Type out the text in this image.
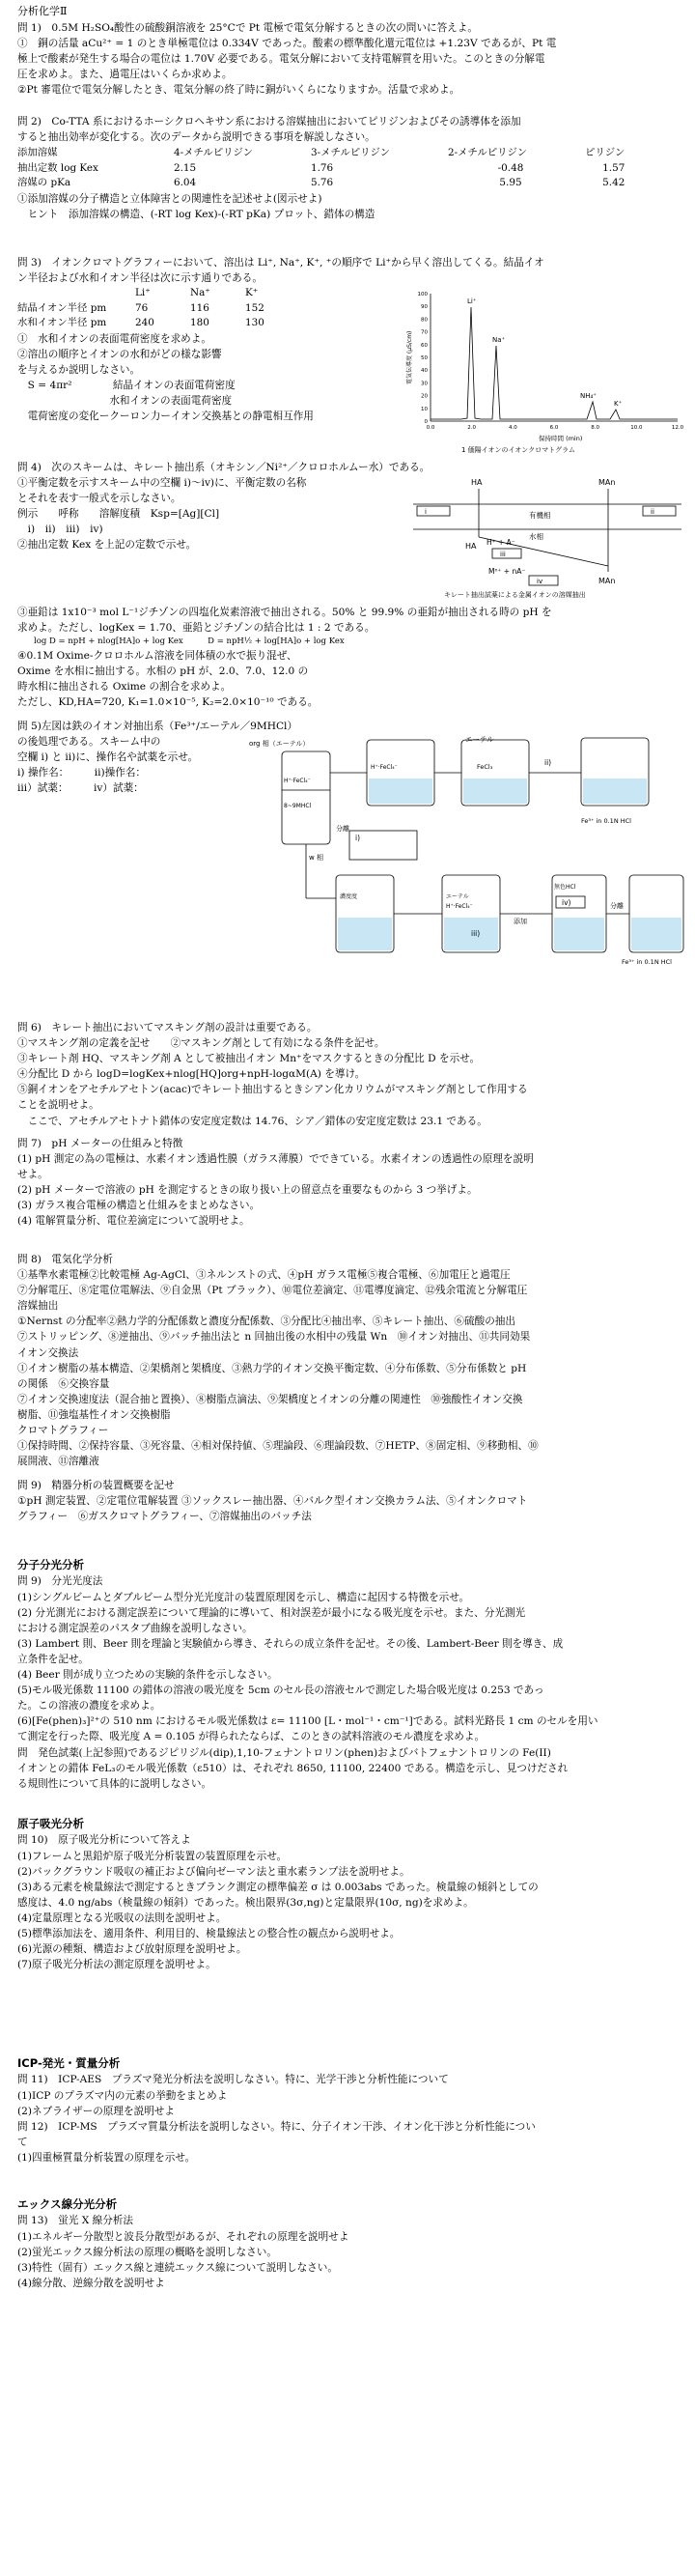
分析化学Ⅱ

問 1)　0.5M H₂SO₄酸性の硫酸銅溶液を 25°Cで Pt 電極で電気分解するときの次の問いに答えよ。

①　銅の活量 aCu²⁺ = 1 のとき単極電位は 0.334V であった。酸素の標準酸化還元電位は +1.23V であるが、Pt 電

極上で酸素が発生する場合の電位は 1.70V 必要である。電気分解において支持電解質を用いた。このときの分解電

圧を求めよ。また、過電圧はいくらか求めよ。

②Pt 審電位で電気分解したとき、電気分解の終了時に銅がいくらになりますか。活量で求めよ。

問 2)　Co-TTA 系におけるホーシクロヘキサン系における溶媒抽出においてピリジンおよびその誘導体を添加

すると抽出効率が変化する。次のデータから説明できる事項を解説しなさい。

添加溶媒	4-メチルピリジン	3-メチルピリジン	2-メチルピリジン	ピリジン
抽出定数 log Kex	2.15	1.76	-0.48	1.57
溶媒の pKa	6.04	5.76	5.95	5.42

①添加溶媒の分子構造と立体障害との関連性を記述せよ(図示せよ)

　ヒント　添加溶媒の構造、(-RT log Kex)-(-RT pKa) プロット、錯体の構造

問 3)　イオンクロマトグラフィーにおいて、溶出は Li⁺, Na⁺, K⁺, ⁺の順序で Li⁺から早く溶出してくる。結晶イオ

ン半径および水和イオン半径は次に示す通りである。

	Li⁺	Na⁺	K⁺
結晶イオン半径 pm	76	116	152
水和イオン半径 pm	240	180	130

①　水和イオンの表面電荷密度を求めよ。

②溶出の順序とイオンの水和がどの様な影響

を与えるか説明しなさい。

　S = 4πr²　　　　結晶イオンの表面電荷密度

　　　　　　　　　水和イオンの表面電荷密度

　電荷密度の変化ークーロン力ーイオン交換基との静電相互作用	0
10
20
30
40
50
60
70
80
90
100
0.0	2.0	4.0	6.0	8.0	10.0	12.0
Li⁺
Na⁺
NH₄⁺
K⁺
電気伝導度 (µS/cm)
保持時間 (min)
1 価陽イオンのイオンクロマトグラム

問 4)　次のスキームは、キレート抽出系（オキシン／Ni²⁺／クロロホルムー水）である。

①平衡定数を示すスキーム中の空欄 i)〜iv)に、平衡定数の名称

とそれを表す一般式を示しなさい。

例示　　呼称　　溶解度積　Ksp=[Ag][Cl]

　i)　ii)　iii)　iv)

②抽出定数 Kex を上記の定数で示せ。

HA	MAn
有機相
水相
HA H⁺ + A⁻
Mⁿ⁺ + nA⁻
MAn
i	ii
iii
iv
キレート抽出試薬による金属イオンの溶媒抽出

③亜鉛は 1x10⁻³ mol L⁻¹ジチゾンの四塩化炭素溶液で抽出される。50% と 99.9% の亜鉛が抽出される時の pH を

求めよ。ただし、logKex = 1.70、亜鉛とジチゾンの結合比は 1 : 2 である。

　　log D = npH + nlog[HA]o + log Kex　　　D = npH½ + log[HA]o + log Kex

④0.1M Oxime-クロロホルム溶液を同体積の水で振り混ぜ、

Oxime を水相に抽出する。水相の pH が、2.0、7.0、12.0 の

時水相に抽出される Oxime の割合を求めよ。

ただし、KD,HA=720, K₁=1.0×10⁻⁵, K₂=2.0×10⁻¹⁰ である。

問 5)左図は鉄のイオン対抽出系（Fe³⁺/エーテル／9MHCl）

の後処理である。スキーム中の

空欄 i) と ii)に、操作名や試薬を示せ。

i) 操作名：　　　ii)操作名：

iii）試薬：　　　iv）試薬：

エーテル
i)
ii)
iii)
iv)
org 相（エーテル）
w 相
分離
添加
Fe³⁺ in 0.1N HCl
H⁺·FeCl₄⁻
H⁺·FeCl₄⁻	FeCl₃
8~9MHCl
エーテル
濃度度
H⁺·FeCl₄⁻
Fe³⁺ in 0.1N HCl
無色HCl
分離

問 6)　キレート抽出においてマスキング剤の設計は重要である。

①マスキング剤の定義を記せ　　②マスキング剤として有効になる条件を記せ。

③キレート剤 HQ、マスキング剤 A として被抽出イオン Mn⁺をマスクするときの分配比 D を示せ。

④分配比 D から logD=logKex+nlog[HQ]org+npH-logαM(A) を導け。

⑤銅イオンをアセチルアセトン(acac)でキレート抽出するときシアン化カリウムがマスキング剤として作用する

ことを説明せよ。

　ここで、アセチルアセトナト錯体の安定度定数は 14.76、シア／錯体の安定度定数は 23.1 である。

問 7)　pH メーターの仕組みと特徴

(1) pH 測定の為の電極は、水素イオン透過性膜（ガラス薄膜）でできている。水素イオンの透過性の原理を説明

せよ。

(2) pH メーターで溶液の pH を測定するときの取り扱い上の留意点を重要なものから 3 つ挙げよ。

(3) ガラス複合電極の構造と仕組みをまとめなさい。

(4) 電解質量分析、電位差滴定について説明せよ。

問 8)　電気化学分析

①基準水素電極②比較電極 Ag-AgCl、③ネルンストの式、④pH ガラス電極⑤複合電極、⑥加電圧と過電圧

⑦分解電圧、⑧定電位電解法、⑨自金黒（Pt ブラック）、⑩電位差滴定、⑪電導度滴定、⑫残余電流と分解電圧

溶媒抽出

①Nernst の分配率②熱力学的分配係数と濃度分配係数、③分配比④抽出率、⑤キレート抽出、⑥硫酸の抽出

⑦ストリッピング、⑧逆抽出、⑨バッチ抽出法と n 回抽出後の水相中の残量 Wn　⑩イオン対抽出、⑪共同効果

イオン交換法

①イオン樹脂の基本構造、②架橋剤と架橋度、③熱力学的イオン交換平衡定数、④分布係数、⑤分布係数と pH

の関係　⑥交換容量

⑦イオン交換速度法（混合抽と置換）、⑧樹脂点滴法、⑨架橋度とイオンの分離の関連性　⑩強酸性イオン交換

樹脂、⑪強塩基性イオン交換樹脂

クロマトグラフィー

①保持時間、②保持容量、③死容量、④相対保持値、⑤理論段、⑥理論段数、⑦HETP、⑧固定相、⑨移動相、⑩

展開液、⑪溶離液

問 9)　精器分析の装置概要を記せ

①pH 測定装置、②定電位電解装置 ③ソックスレー抽出器、④バルク型イオン交換カラム法、⑤イオンクロマト

グラフィー　⑥ガスクロマトグラフィー、⑦溶媒抽出のバッチ法

分子分光分析

問 9)　分光光度法

(1)シングルビームとダブルビーム型分光光度計の装置原理図を示し、構造に起因する特徴を示せ。

(2) 分光測光における測定誤差について理論的に導いて、相対誤差が最小になる吸光度を示せ。また、分光測光

における測定誤差のパスタブ曲線を説明しなさい。

(3) Lambert 則、Beer 則を理論と実験値から導き、それらの成立条件を記せ。その後、Lambert-Beer 則を導き、成

立条件を記せ。

(4) Beer 則が成り立つための実験的条件を示しなさい。

(5)モル吸光係数 11100 の錯体の溶液の吸光度を 5cm のセル長の溶液セルで測定した場合吸光度は 0.253 であっ

た。この溶液の濃度を求めよ。

(6)[Fe(phen)₃]²⁺の 510 nm におけるモル吸光係数は ε= 11100 [L・mol⁻¹・cm⁻¹]である。試料光路長 1 cm のセルを用い

て測定を行った際、吸光度 A = 0.105 が得られたならば、このときの試料溶液のモル濃度を求めよ。

問　発色試薬(上記参照)であるジピリジル(dip),1,10-フェナントロリン(phen)およびバトフェナントロリンの Fe(II)

イオンとの錯体 FeL₃のモル吸光係数（ε510）は、それぞれ 8650, 11100, 22400 である。構造を示し、見つけだされ

る規則性について具体的に説明しなさい。

原子吸光分析

問 10)　原子吸光分析について答えよ

(1)フレームと黒鉛炉原子吸光分析装置の装置原理を示せ。

(2)バックグラウンド吸収の補正および偏向ゼーマン法と重水素ランプ法を説明せよ。

(3)ある元素を検量線法で測定するときブランク測定の標準偏差 σ は 0.003abs であった。検量線の傾斜としての

感度は、4.0 ng/abs（検量線の傾斜）であった。検出限界(3σ,ng)と定量限界(10σ, ng)を求めよ。

(4)定量原理となる光吸収の法則を説明せよ。

(5)標準添加法を、適用条件、利用目的、検量線法との整合性の観点から説明せよ。

(6)光源の種類、構造および放射原理を説明せよ。

(7)原子吸光分析法の測定原理を説明せよ。

ICP-発光・質量分析

問 11)　ICP-AES　プラズマ発光分析法を説明しなさい。特に、光学干渉と分析性能について

(1)ICP のプラズマ内の元素の挙動をまとめよ

(2)ネブライザーの原理を説明せよ

問 12)　ICP-MS　プラズマ質量分析法を説明しなさい。特に、分子イオン干渉、イオン化干渉と分析性能につい

て

(1)四重極質量分析装置の原理を示せ。

エックス線分光分析

問 13)　蛍光 X 線分析法

(1)エネルギー分散型と波長分散型があるが、それぞれの原理を説明せよ

(2)蛍光エックス線分析法の原理の概略を説明しなさい。

(3)特性（固有）エックス線と連続エックス線について説明しなさい。

(4)線分散、逆線分散を説明せよ
